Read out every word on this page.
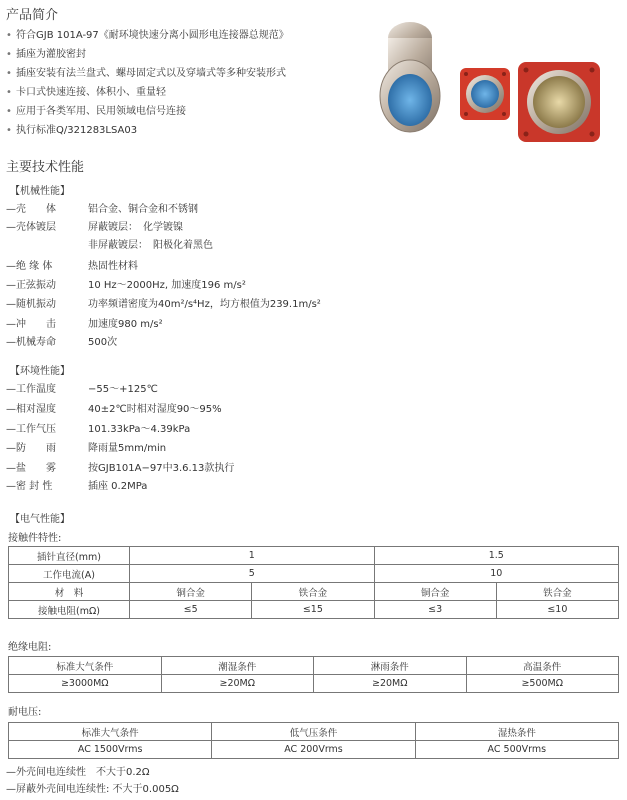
产品简介
• 符合GJB 101A-97《耐环境快速分离小圆形电连接器总规范》
• 插座为灌胶密封
• 插座安装有法兰盘式、螺母固定式以及穿墙式等多种安装形式
• 卡口式快速连接、体积小、重量轻
• 应用于各类军用、民用领域电信号连接
• 执行标准Q/321283LSA03
主要技术性能
【机械性能】
—壳　　体	铝合金、铜合金和不锈钢
—壳体镀层	屏蔽镀层：　化学镀镍
非屏蔽镀层：　阳极化着黑色
—绝 缘 体	热固性材料
—正弦振动	10 Hz～2000Hz, 加速度196 m/s²
—随机振动	功率频谱密度为40m²/s⁴Hz，均方根值为239.1m/s²
—冲　　击	加速度980 m/s²
—机械寿命	500次
【环境性能】
—工作温度	−55～+125℃
—相对湿度	40±2℃时相对湿度90～95%
—工作气压	101.33kPa～4.39kPa
—防　　雨	降雨量5mm/min
—盐　　雾	按GJB101A−97中3.6.13款执行
—密 封 性	插座 0.2MPa
【电气性能】
接触件特性:
插针直径(mm)	1		1.5	
工作电流(A)	5		10	
材　料	铜合金	铁合金	铜合金	铁合金
接触电阻(mΩ)	≤5	≤15	≤3	≤10
绝缘电阻:
标准大气条件	潮湿条件	淋雨条件	高温条件
≥3000MΩ	≥20MΩ	≥20MΩ	≥500MΩ
耐电压:
标准大气条件	低气压条件	湿热条件
AC 1500Vrms	AC 200Vrms	AC 500Vrms
—外壳间电连续性　不大于0.2Ω
—屏蔽外壳间电连续性: 不大于0.005Ω
